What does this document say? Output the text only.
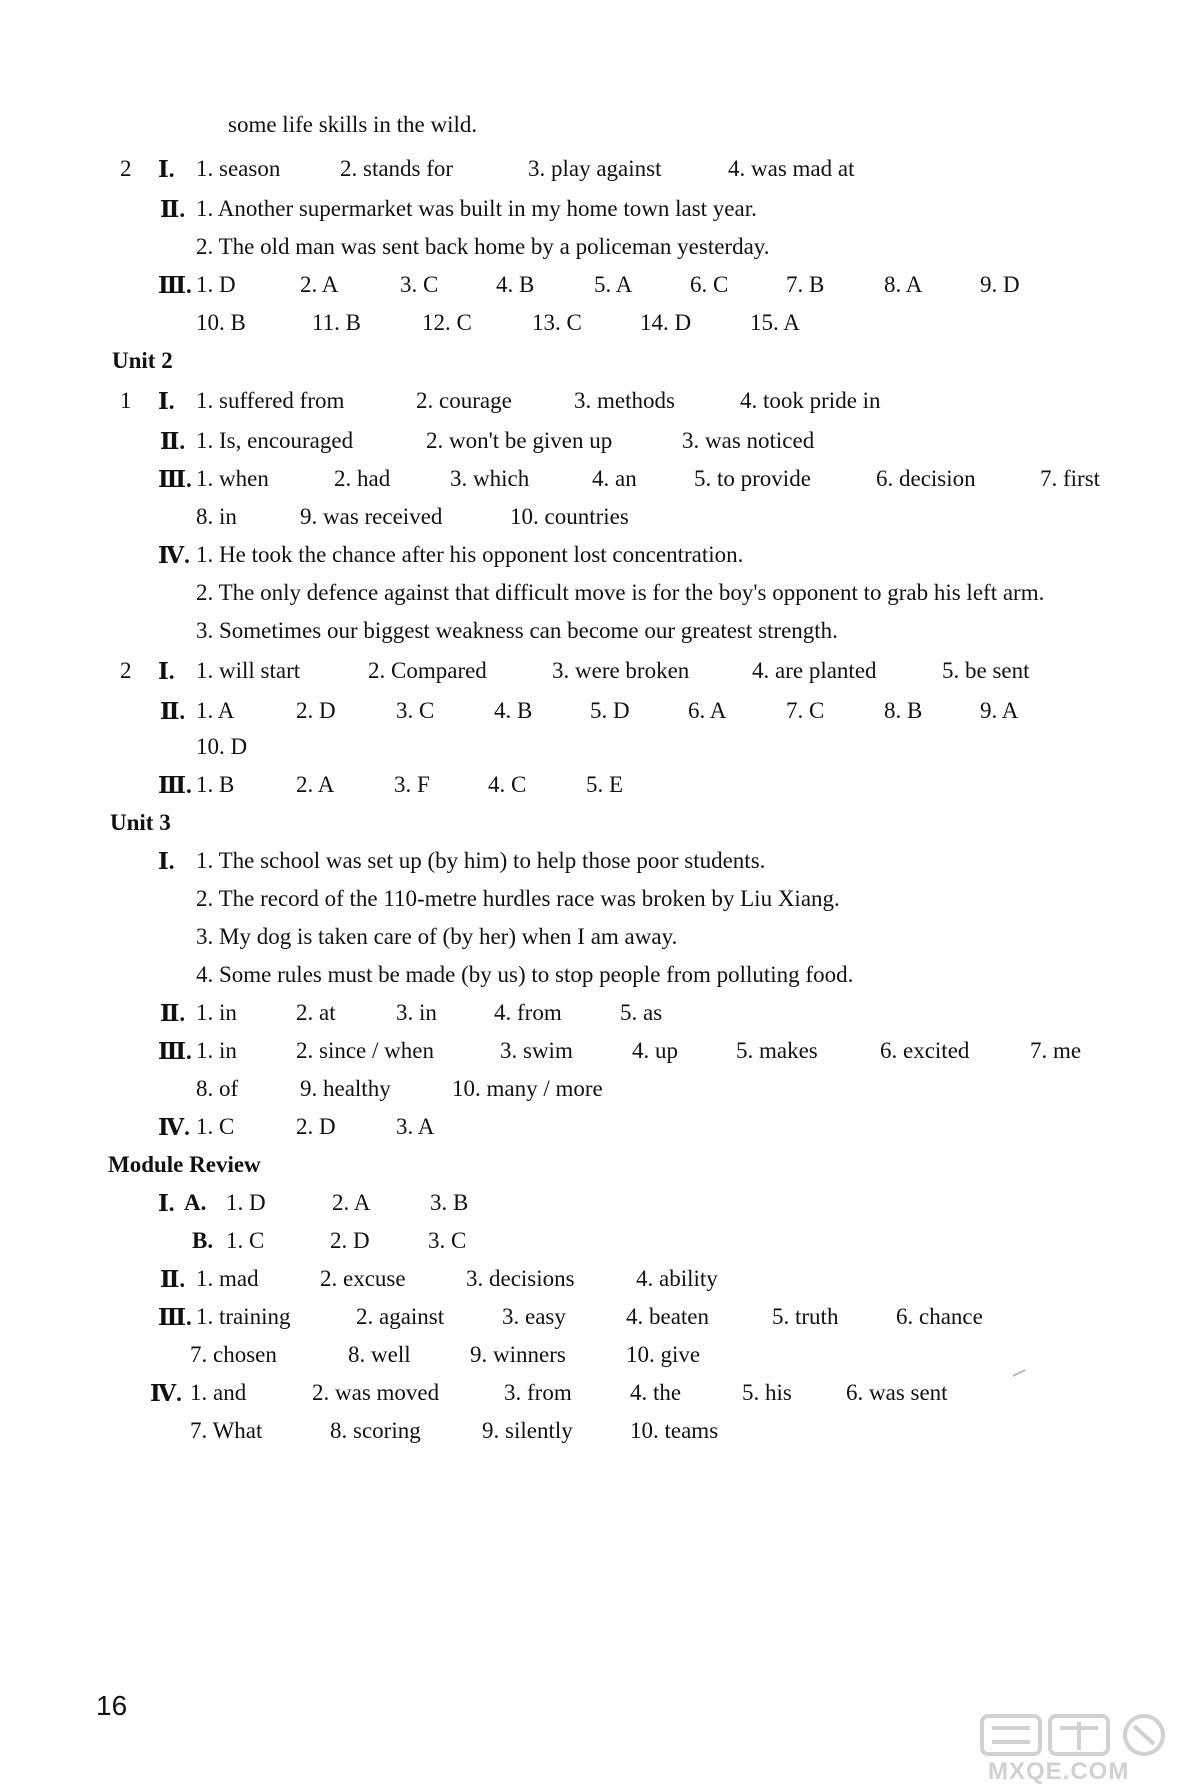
some life skills in the wild.
2 Ⅰ. 1. season	2. stands for	3. play against	4. was mad at
Ⅱ. 1. Another supermarket was built in my home town last year.
2. The old man was sent back home by a policeman yesterday.
Ⅲ. 1. D	2. A	3. C	4. B	5. A	6. C	7. B	8. A	9. D
10. B	11. B	12. C	13. C	14. D	15. A
Unit 2
1 Ⅰ. 1. suffered from	2. courage	3. methods	4. took pride in
Ⅱ. 1. Is, encouraged	2. won't be given up	3. was noticed
Ⅲ. 1. when	2. had	3. which	4. an 5. to provide	6. decision	7. first
8. in	9. was received	10. countries
Ⅳ. 1. He took the chance after his opponent lost concentration.
2. The only defence against that difficult move is for the boy's opponent to grab his left arm.
3. Sometimes our biggest weakness can become our greatest strength.
2 Ⅰ. 1. will start	2. Compared	3. were broken	4. are planted	5. be sent
Ⅱ. 1. A	2. D	3. C	4. B	5. D	6. A	7. C	8. B	9. A
10. D
Ⅲ. 1. B	2. A	3. F	4. C	5. E
Unit 3
Ⅰ. 1. The school was set up (by him) to help those poor students.
2. The record of the 110-metre hurdles race was broken by Liu Xiang.
3. My dog is taken care of (by her) when I am away.
4. Some rules must be made (by us) to stop people from polluting food.
Ⅱ. 1. in	2. at	3. in 4. from	5. as
Ⅲ. 1. in	2. since / when	3. swim	4. up	5. makes	6. excited	7. me
8. of	9. healthy	10. many / more
Ⅳ. 1. C	2. D	3. A
Module Review
Ⅰ. A. 1. D	2. A	3. B
B. 1. C	2. D	3. C
Ⅱ. 1. mad	2. excuse	3. decisions	4. ability
Ⅲ. 1. training	2. against	3. easy	4. beaten	5. truth	6. chance
7. chosen	8. well	9. winners	10. give
Ⅳ. 1. and	2. was moved	3. from	4. the	5. his 6. was sent
7. What	8. scoring	9. silently 10. teams
16
MXQE.COM
